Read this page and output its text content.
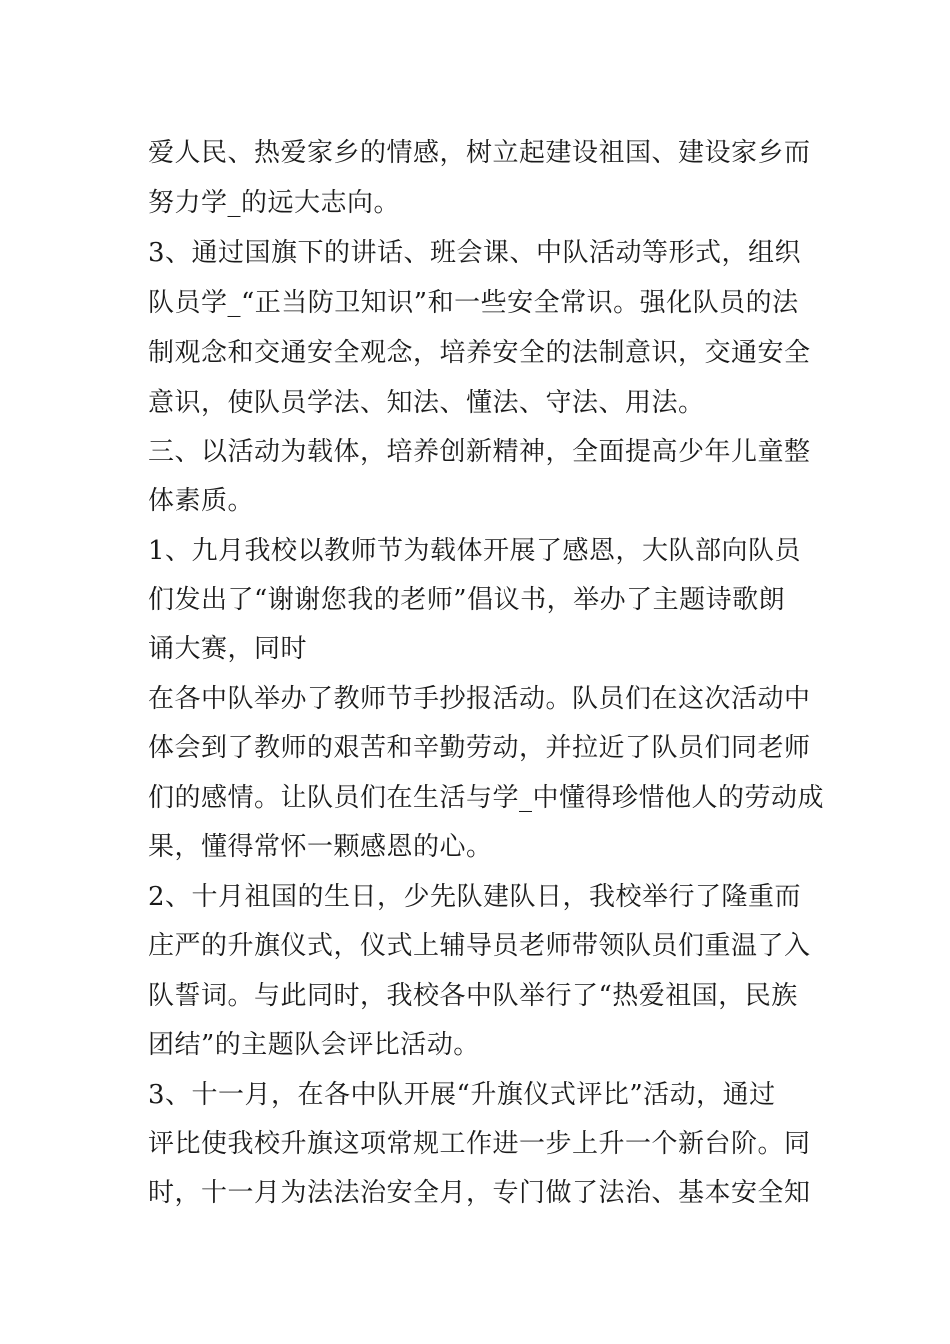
爱人民、热爱家乡的情感，树立起建设祖国、建设家乡而
努力学_的远大志向。
3、通过国旗下的讲话、班会课、中队活动等形式，组织
队员学_“正当防卫知识”和一些安全常识。强化队员的法
制观念和交通安全观念，培养安全的法制意识，交通安全
意识，使队员学法、知法、懂法、守法、用法。
三、以活动为载体，培养创新精神，全面提高少年儿童整
体素质。
1、九月我校以教师节为载体开展了感恩，大队部向队员
们发出了“谢谢您我的老师”倡议书，举办了主题诗歌朗
诵大赛，同时
在各中队举办了教师节手抄报活动。队员们在这次活动中
体会到了教师的艰苦和辛勤劳动，并拉近了队员们同老师
们的感情。让队员们在生活与学_中懂得珍惜他人的劳动成
果，懂得常怀一颗感恩的心。
2、十月祖国的生日，少先队建队日，我校举行了隆重而
庄严的升旗仪式，仪式上辅导员老师带领队员们重温了入
队誓词。与此同时，我校各中队举行了“热爱祖国，民族
团结”的主题队会评比活动。
3、十一月，在各中队开展“升旗仪式评比”活动，通过
评比使我校升旗这项常规工作进一步上升一个新台阶。同
时，十一月为法法治安全月，专门做了法治、基本安全知
